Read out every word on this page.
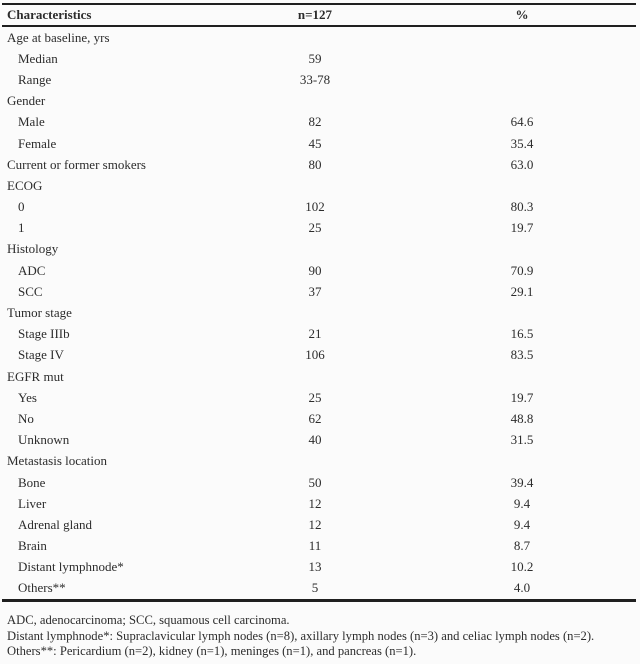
Characteristics	n=127	%
Age at baseline, yrs
Median	59
Range	33-78
Gender
Male	82	64.6
Female	45	35.4
Current or former smokers	80	63.0
ECOG
0	102	80.3
1	25	19.7
Histology
ADC	90	70.9
SCC	37	29.1
Tumor stage
Stage IIIb	21	16.5
Stage IV	106	83.5
EGFR mut
Yes	25	19.7
No	62	48.8
Unknown	40	31.5
Metastasis location
Bone	50	39.4
Liver	12	9.4
Adrenal gland	12	9.4
Brain	11	8.7
Distant lymphnode*	13	10.2
Others**	5	4.0
ADC, adenocarcinoma; SCC, squamous cell carcinoma.
Distant lymphnode*: Supraclavicular lymph nodes (n=8), axillary lymph nodes (n=3) and celiac lymph nodes (n=2).
Others**: Pericardium (n=2), kidney (n=1), meninges (n=1), and pancreas (n=1).
